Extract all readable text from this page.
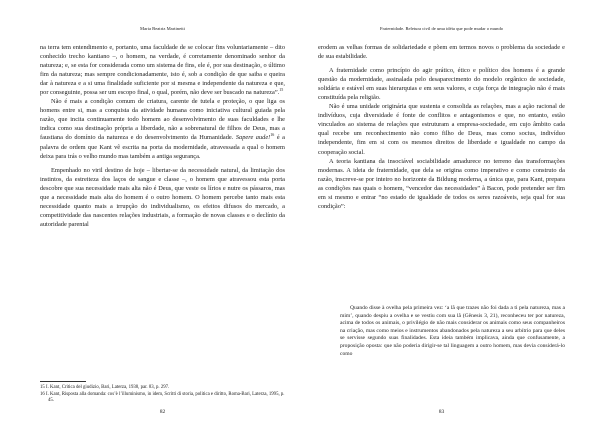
Maria Beatriz Martinetti

na terra tem entendimento e, portanto, uma faculdade de se colocar fins voluntariamente – dito conhecido trecho kantiano –, o homem, na verdade, é corretamente denominado senhor da natureza; e, se esta for considerada como um sistema de fins, ele é, por sua destinação, o último fim da natureza; mas sempre condicionadamente, isto é, sob a condição de que saiba e queira dar à natureza e a si uma finalidade suficiente por si mesma e independente da natureza e que, por conseguinte, possa ser um escopo final, o qual, porém, não deve ser buscado na natureza”.$^{15}$

Não é mais a condição comum de criatura, carente de tutela e proteção, o que liga os homens entre si, mas a conquista da atividade humana como iniciativa cultural guiada pela razão, que incita continuamente todo homem ao desenvolvimento de suas faculdades e lhe indica como sua destinação própria a liberdade, não a sobrenatural de filhos de Deus, mas a faustiana do domínio da natureza e do desenvolvimento da Humanidade. Sapere aude!$^{16}$ é a palavra de ordem que Kant vê escrita na porta da modernidade, atravessada a qual o homem deixa para trás o velho mundo mas também a antiga segurança.

Empenhado no viril destino de hoje – libertar-se da necessidade natural, da limitação dos instintos, da estreiteza dos laços de sangue e classe –, o homem que atravessou esta porta descobre que sua necessidade mais alta não é Deus, que veste os lírios e nutre os pássaros, mas que a necessidade mais alta do homem é o outro homem. O homem percebe tanto mais esta necessidade quanto mais a irrupção do individualismo, os efeitos difusos do mercado, a competitividade das nascentes relações industriais, a formação de novas classes e o declínio da autoridade parental

15 I. Kant, Critica del giudizio, Bari, Laterza, 1938, par. 83, p. 297.

16 I. Kant, Risposta alla domanda: cos’è l’illuminismo, in idem, Scritti di storia, politica e diritto, Roma-Bari, Laterza, 1995, p. 45.

82
Fraternidade. Reletura civil de uma idéia que pode mudar o mundo

erodem as velhas formas de solidariedade e põem em termos novos o problema da sociedade e de sua estabilidade.

A fraternidade como princípio do agir prático, ético e político dos homens é a grande questão da modernidade, assinalada pelo desaparecimento do modelo orgânico de sociedade, solidária e estável em suas hierarquias e em seus valores, e cuja força de integração não é mais constituída pela religião.

Não é uma unidade originária que sustenta e consolida as relações, mas a ação racional de indivíduos, cuja diversidade é fonte de conflitos e antagonismos e que, no entanto, estão vinculados ao sistema de relações que estruturam a empresa-sociedade, em cujo âmbito cada qual recebe um reconhecimento não como filho de Deus, mas como socius, indivíduo independente, fim em si com os mesmos direitos de liberdade e igualdade no campo da cooperação social.

A teoria kantiana da insociável sociabilidade amadurece no terreno das transformações modernas. A ideia de fraternidade, que dela se origina como imperativo e como construto da razão, inscreve-se por inteiro no horizonte da Bildung moderna, a única que, para Kant, prepara as condições nas quais o homem, “vencedor das necessidades” à Bacon, pode pretender ser fim em si mesmo e entrar “no estado de igualdade de todos os seres razoáveis, seja qual for sua condição”:

Quando disse à ovelha pela primeira vez: ‘a lã que trazes não foi dada a ti pela natureza, mas a mim’, quando despiu a ovelha e se vestiu com sua lã (Gênesis 3, 21), reconheceu ter por natureza, acima de todos os animais, o privilégio de não mais considerar os animais como seus companheiros na criação, mas como meios e instrumentos abandonados pela natureza a seu arbítrio para que deles se servisse segundo suas finalidades. Esta ideia também implicava, ainda que confusamente, a proposição oposta: que não poderia dirigir-se tal linguagem a outro homem, mas devia considerá-lo como

83
